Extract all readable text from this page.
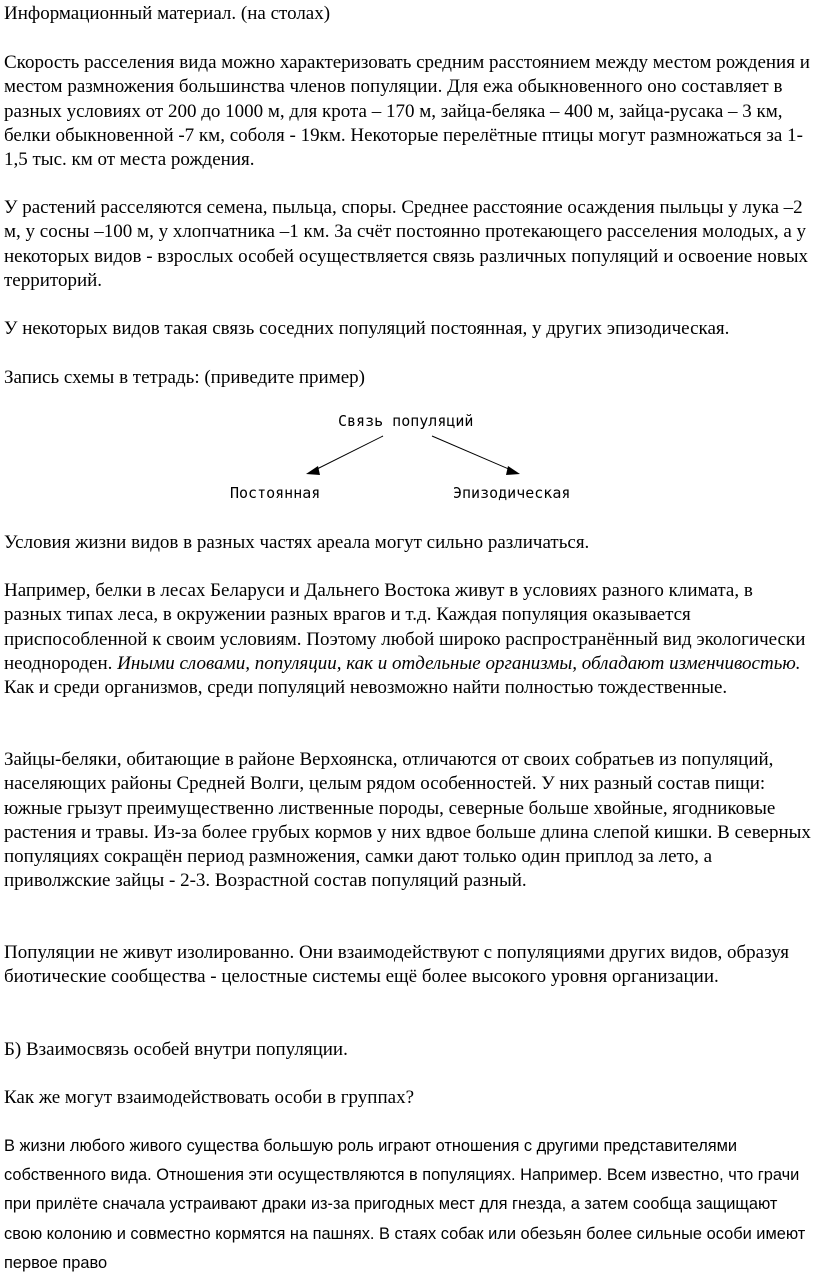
Информационный материал. (на столах)
Скорость расселения вида можно характеризовать средним расстоянием между местом рождения и местом размножения большинства членов популяции. Для ежа обыкновенного оно составляет в разных условиях от 200 до 1000 м, для крота – 170 м, зайца-беляка – 400 м, зайца-русака – 3 км, белки обыкновенной -7 км, соболя - 19км. Некоторые перелётные птицы могут размножаться за 1-1,5 тыс. км от места рождения.
У растений расселяются семена, пыльца, споры. Среднее расстояние осаждения пыльцы у лука –2 м, у сосны –100 м, у хлопчатника –1 км. За счёт постоянно протекающего расселения молодых, а у некоторых видов - взрослых особей осуществляется связь различных популяций и освоение новых территорий.
У некоторых видов такая связь соседних популяций постоянная, у других эпизодическая.
Запись схемы в тетрадь: (приведите пример)
Связь популяций
Постоянная	Эпизодическая
Условия жизни видов в разных частях ареала могут сильно различаться.
Например, белки в лесах Беларуси и Дальнего Востока живут в условиях разного климата, в разных типах леса, в окружении разных врагов и т.д. Каждая популяция оказывается приспособленной к своим условиям. Поэтому любой широко распространённый вид экологически неоднороден. Иными словами, популяции, как и отдельные организмы, обладают изменчивостью. Как и среди организмов, среди популяций невозможно найти полностью тождественные.
Зайцы-беляки, обитающие в районе Верхоянска, отличаются от своих собратьев из популяций, населяющих районы Средней Волги, целым рядом особенностей. У них разный состав пищи: южные грызут преимущественно лиственные породы, северные больше хвойные, ягодниковые растения и травы. Из-за более грубых кормов у них вдвое больше длина слепой кишки. В северных популяциях сокращён период размножения, самки дают только один приплод за лето, а приволжские зайцы - 2-3. Возрастной состав популяций разный.
Популяции не живут изолированно. Они взаимодействуют с популяциями других видов, образуя биотические сообщества - целостные системы ещё более высокого уровня организации.
Б) Взаимосвязь особей внутри популяции.
Как же могут взаимодействовать особи в группах?
В жизни любого живого существа большую роль играют отношения с другими представителями собственного вида. Отношения эти осуществляются в популяциях. Например. Всем известно, что грачи при прилёте сначала устраивают драки из-за пригодных мест для гнезда, а затем сообща защищают свою колонию и совместно кормятся на пашнях. В стаях собак или обезьян более сильные особи имеют первое право
